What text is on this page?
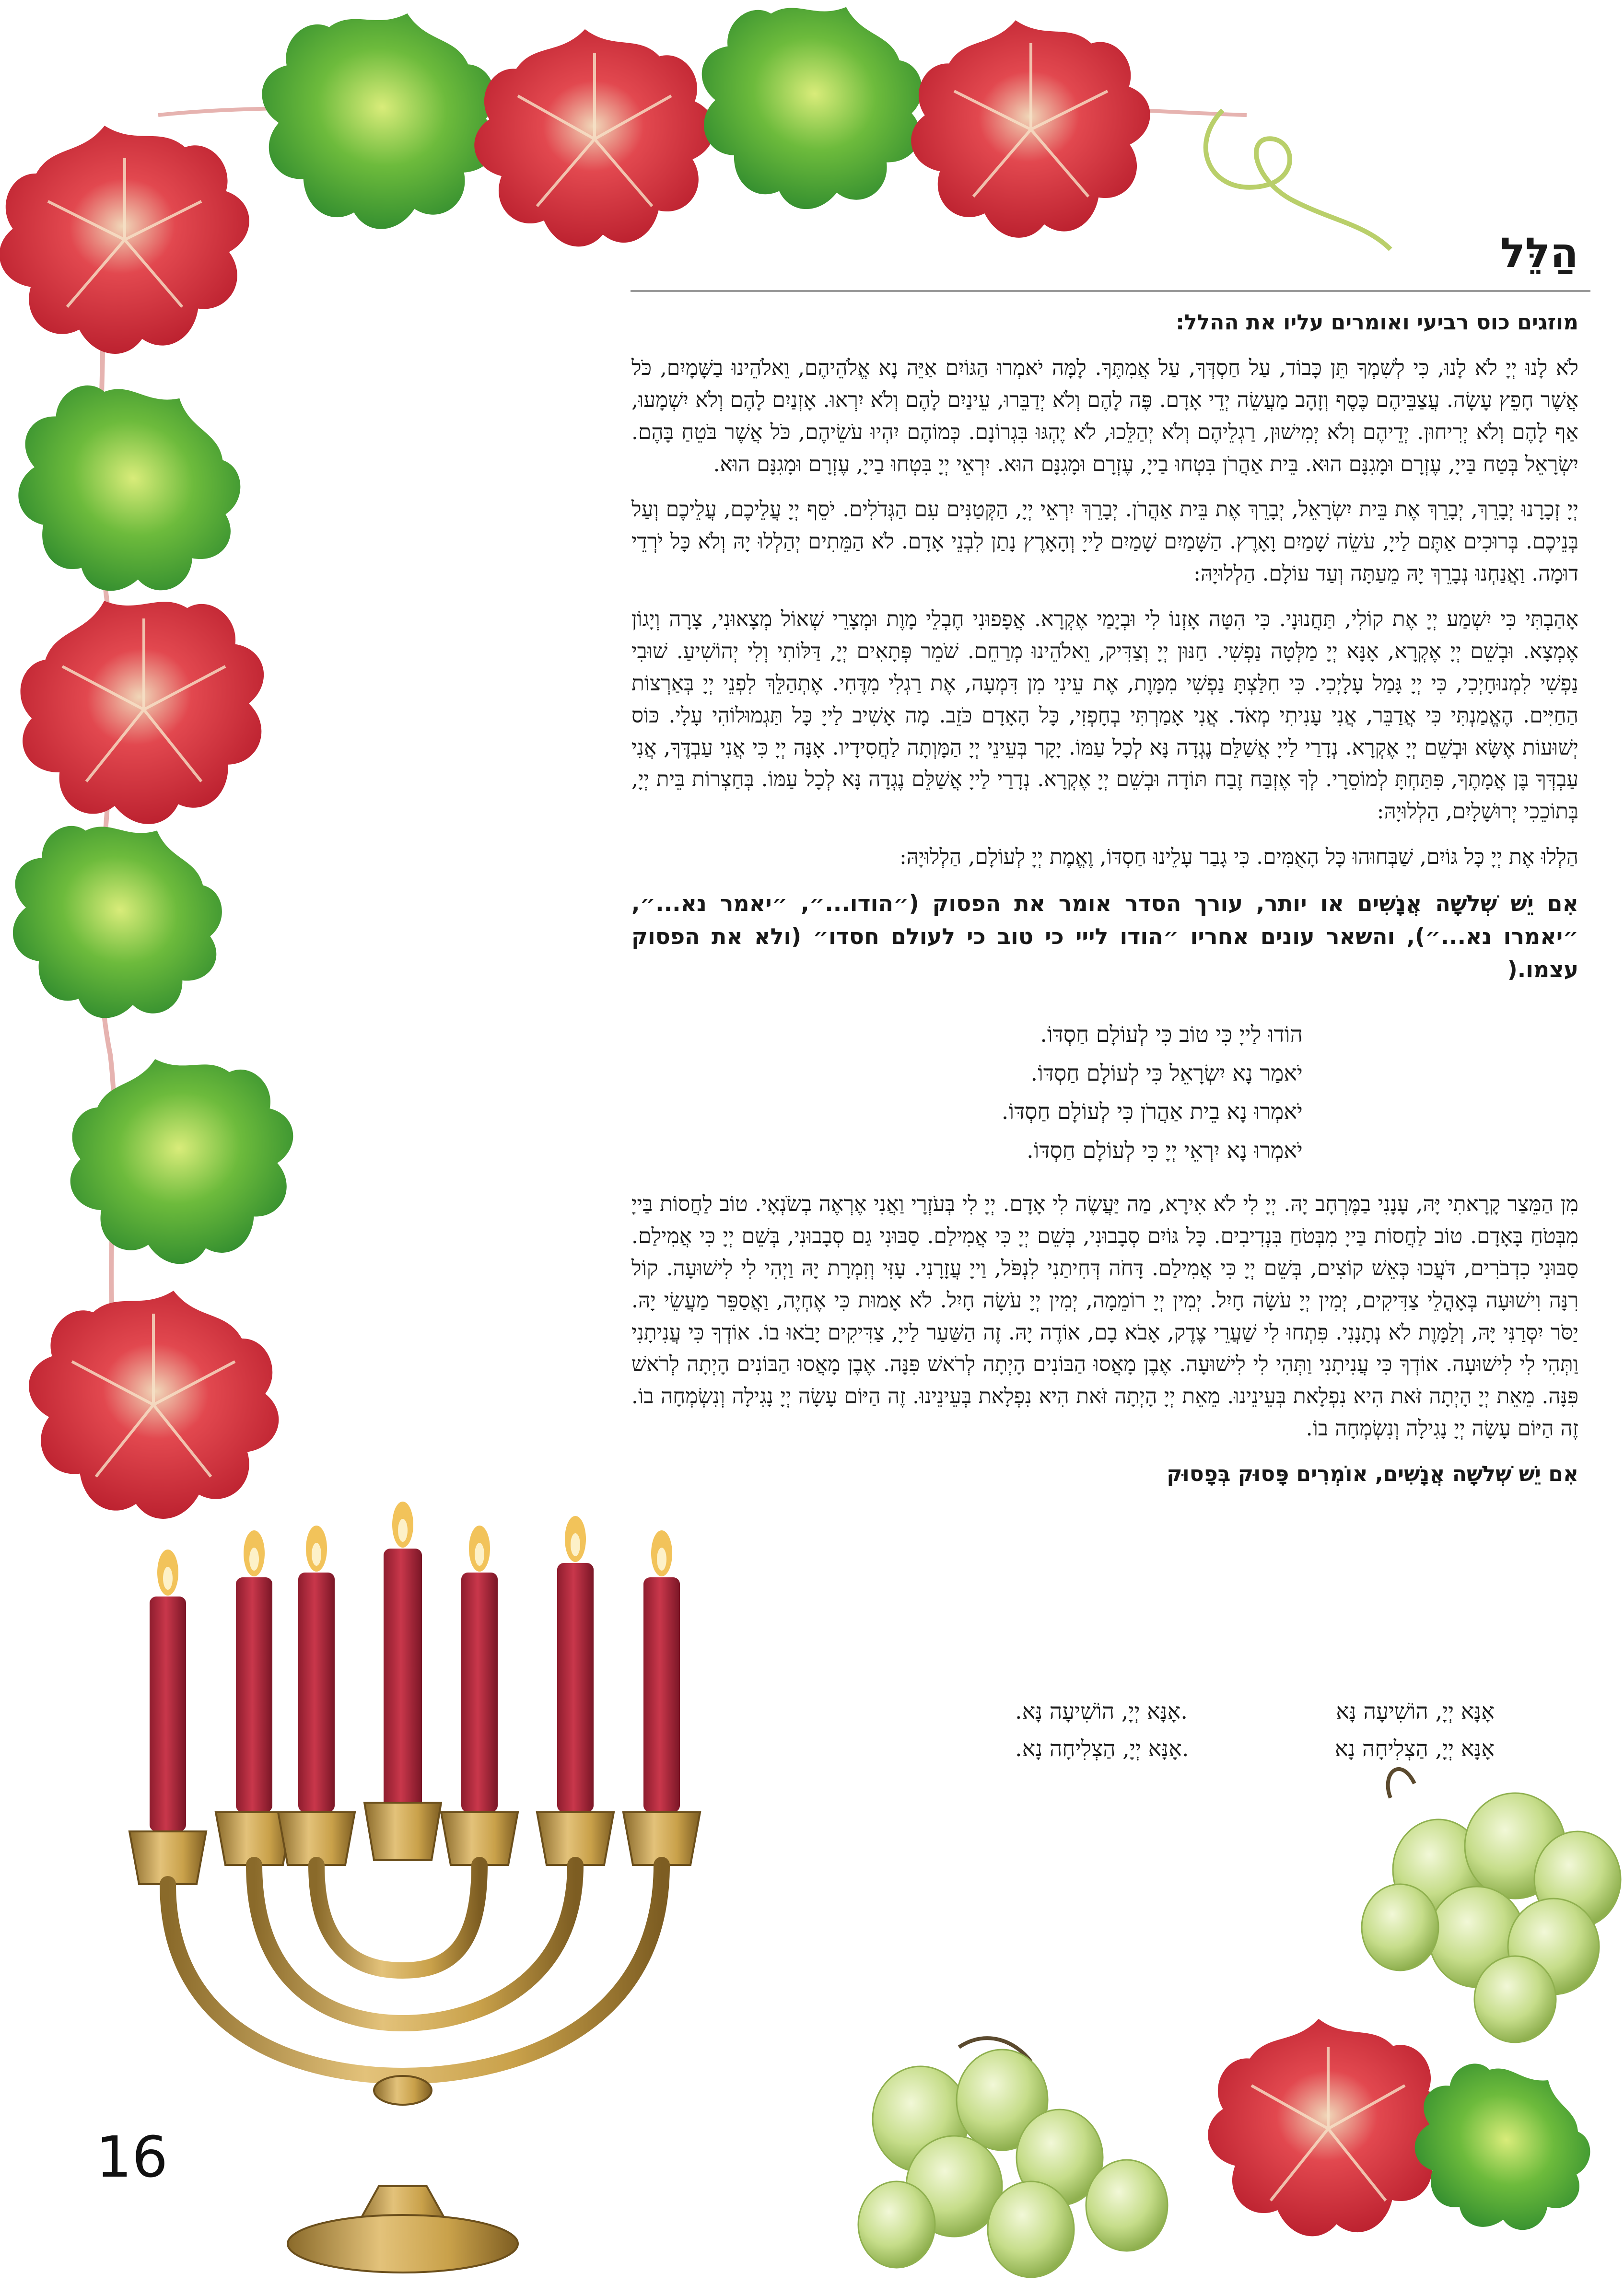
הַלֵּל

מוזגים כוס רביעי ואומרים עליו את ההלל:

לֹא לָנוּ יְיָ לֹא לָנוּ, כִּי לְשִׁמְךָ תֵּן כָּבוֹד, עַל חַסְדְּךָ, עַל אֲמִתֶּךָ. לָמָּה יֹאמְרוּ הַגּוֹיִם אַיֵּה נָא אֱלֹהֵיהֶם, וֵאלֹהֵינוּ בַשָּׁמָיִם, כֹּל אֲשֶׁר חָפֵץ עָשָׂה. עֲצַבֵּיהֶם כֶּסֶף וְזָהָב מַעֲשֵׂה יְדֵי אָדָם. פֶּה לָהֶם וְלֹא יְדַבֵּרוּ, עֵינַיִם לָהֶם וְלֹא יִרְאוּ. אָזְנַיִם לָהֶם וְלֹא יִשְׁמָעוּ, אַף לָהֶם וְלֹא יְרִיחוּן. יְדֵיהֶם וְלֹא יְמִישׁוּן, רַגְלֵיהֶם וְלֹא יְהַלֵּכוּ, לֹא יֶהְגּוּ בִּגְרוֹנָם. כְּמוֹהֶם יִהְיוּ עֹשֵׂיהֶם, כֹּל אֲשֶׁר בֹּטֵחַ בָּהֶם. יִשְׂרָאֵל בְּטַח בַּייָ, עֶזְרָם וּמָגִנָּם הוּא. בֵּית אַהֲרֹן בִּטְחוּ בַייָ, עֶזְרָם וּמָגִנָּם הוּא. יִרְאֵי יְיָ בִּטְחוּ בַייָ, עֶזְרָם וּמָגִנָּם הוּא.

יְיָ זְכָרָנוּ יְבָרֵךְ, יְבָרֵךְ אֶת בֵּית יִשְׂרָאֵל, יְבָרֵךְ אֶת בֵּית אַהֲרֹן. יְבָרֵךְ יִרְאֵי יְיָ, הַקְּטַנִּים עִם הַגְּדֹלִים. יֹסֵף יְיָ עֲלֵיכֶם, עֲלֵיכֶם וְעַל בְּנֵיכֶם. בְּרוּכִים אַתֶּם לַייָ, עֹשֵׂה שָׁמַיִם וָאָרֶץ. הַשָּׁמַיִם שָׁמַיִם לַייָ וְהָאָרֶץ נָתַן לִבְנֵי אָדָם. לֹא הַמֵּתִים יְהַלְלוּ יָהּ וְלֹא כָּל יֹרְדֵי דוּמָה. וַאֲנַחְנוּ נְבָרֵךְ יָהּ מֵעַתָּה וְעַד עוֹלָם. הַלְלוּיָהּ:

אָהַבְתִּי כִּי יִשְׁמַע יְיָ אֶת קוֹלִי, תַּחֲנוּנָי. כִּי הִטָּה אָזְנוֹ לִי וּבְיָמַי אֶקְרָא. אֲפָפוּנִי חֶבְלֵי מָוֶת וּמְצָרֵי שְׁאוֹל מְצָאוּנִי, צָרָה וְיָגוֹן אֶמְצָא. וּבְשֵׁם יְיָ אֶקְרָא, אָנָּא יְיָ מַלְּטָה נַפְשִׁי. חַנּוּן יְיָ וְצַדִּיק, וֵאלֹהֵינוּ מְרַחֵם. שֹׁמֵר פְּתָאִים יְיָ, דַּלּוֹתִי וְלִי יְהוֹשִׁיעַ. שׁוּבִי נַפְשִׁי לִמְנוּחָיְכִי, כִּי יְיָ גָּמַל עָלָיְכִי. כִּי חִלַּצְתָּ נַפְשִׁי מִמָּוֶת, אֶת עֵינִי מִן דִּמְעָה, אֶת רַגְלִי מִדֶּחִי. אֶתְהַלֵּךְ לִפְנֵי יְיָ בְּאַרְצוֹת הַחַיִּים. הֶאֱמַנְתִּי כִּי אֲדַבֵּר, אֲנִי עָנִיתִי מְאֹד. אֲנִי אָמַרְתִּי בְחָפְזִי, כָּל הָאָדָם כֹּזֵב. מָה אָשִׁיב לַייָ כָּל תַּגְמוּלוֹהִי עָלָי. כּוֹס יְשׁוּעוֹת אֶשָּׂא וּבְשֵׁם יְיָ אֶקְרָא. נְדָרַי לַייָ אֲשַׁלֵּם נֶגְדָה נָּא לְכָל עַמּוֹ. יָקָר בְּעֵינֵי יְיָ הַמָּוְתָה לַחֲסִידָיו. אָנָּה יְיָ כִּי אֲנִי עַבְדֶּךָ, אֲנִי עַבְדְּךָ בֶּן אֲמָתֶךָ, פִּתַּחְתָּ לְמוֹסֵרָי. לְךָ אֶזְבַּח זֶבַח תּוֹדָה וּבְשֵׁם יְיָ אֶקְרָא. נְדָרַי לַייָ אֲשַׁלֵּם נֶגְדָה נָּא לְכָל עַמּוֹ. בְּחַצְרוֹת בֵּית יְיָ, בְּתוֹכֵכִי יְרוּשָׁלָיִם, הַלְלוּיָהּ:

הַלְלוּ אֶת יְיָ כָּל גּוֹיִם, שַׁבְּחוּהוּ כָּל הָאֻמִּים. כִּי גָבַר עָלֵינוּ חַסְדּוֹ, וֶאֱמֶת יְיָ לְעוֹלָם, הַלְלוּיָהּ:

אִם יֵשׁ שְׁלֹשָׁה אֲנָשִׁים או יותר, עורך הסדר אומר את הפסוק (״הודו...״, ״יאמר נא...״, ״יאמרו נא...״), והשאר עונים אחריו ״הודו לייי כי טוב כי לעולם חסדו״ (ולא את הפסוק עצמו.(

הוֹדוּ לַייָ כִּי טוֹב כִּי לְעוֹלָם חַסְדּוֹ.
יֹאמַר נָא יִשְׂרָאֵל כִּי לְעוֹלָם חַסְדּוֹ.
יֹאמְרוּ נָא בֵית אַהֲרֹן כִּי לְעוֹלָם חַסְדּוֹ.
יֹאמְרוּ נָא יִרְאֵי יְיָ כִּי לְעוֹלָם חַסְדּוֹ.

מִן הַמֵּצַר קָרָאתִי יָּהּ, עָנָנִי בַמֶּרְחָב יָהּ. יְיָ לִי לֹא אִירָא, מַה יַּעֲשֶׂה לִי אָדָם. יְיָ לִי בְּעֹזְרָי וַאֲנִי אֶרְאֶה בְשֹׂנְאָי. טוֹב לַחֲסוֹת בַּייָ מִבְּטֹחַ בָּאָדָם. טוֹב לַחֲסוֹת בַּייָ מִבְּטֹחַ בִּנְדִיבִים. כָּל גּוֹיִם סְבָבוּנִי, בְּשֵׁם יְיָ כִּי אֲמִילַם. סַבּוּנִי גַם סְבָבוּנִי, בְּשֵׁם יְיָ כִּי אֲמִילַם. סַבּוּנִי כִדְבֹרִים, דֹּעֲכוּ כְּאֵשׁ קוֹצִים, בְּשֵׁם יְיָ כִּי אֲמִילַם. דָּחֹה דְּחִיתַנִי לִנְפֹּל, וַייָ עֲזָרָנִי. עָזִּי וְזִמְרָת יָהּ וַיְהִי לִי לִישׁוּעָה. קוֹל רִנָּה וִישׁוּעָה בְּאָהֳלֵי צַדִּיקִים, יְמִין יְיָ עֹשָׂה חָיִל. יְמִין יְיָ רוֹמֵמָה, יְמִין יְיָ עֹשָׂה חָיִל. לֹא אָמוּת כִּי אֶחְיֶה, וַאֲסַפֵּר מַעֲשֵׂי יָהּ. יַסֹּר יִסְּרַנִּי יָּהּ, וְלַמָּוֶת לֹא נְתָנָנִי. פִּתְחוּ לִי שַׁעֲרֵי צֶדֶק, אָבֹא בָם, אוֹדֶה יָהּ. זֶה הַשַּׁעַר לַייָ, צַדִּיקִים יָבֹאוּ בוֹ. אוֹדְךָ כִּי עֲנִיתָנִי וַתְּהִי לִי לִישׁוּעָה. אוֹדְךָ כִּי עֲנִיתָנִי וַתְּהִי לִי לִישׁוּעָה. אֶבֶן מָאֲסוּ הַבּוֹנִים הָיְתָה לְרֹאשׁ פִּנָּה. אֶבֶן מָאֲסוּ הַבּוֹנִים הָיְתָה לְרֹאשׁ פִּנָּה. מֵאֵת יְיָ הָיְתָה זֹּאת הִיא נִפְלָאת בְּעֵינֵינוּ. מֵאֵת יְיָ הָיְתָה זֹּאת הִיא נִפְלָאת בְּעֵינֵינוּ. זֶה הַיּוֹם עָשָׂה יְיָ נָגִילָה וְנִשְׂמְחָה בוֹ. זֶה הַיּוֹם עָשָׂה יְיָ נָגִילָה וְנִשְׂמְחָה בוֹ.

אִם יֵשׁ שְׁלֹשָׁה אֲנָשִׁים, אוֹמְרִים פָּסוּק בְּפָסוּק

אָנָּא יְיָ, הוֹשִׁיעָה נָּא
.אָנָּא יְיָ, הוֹשִׁיעָה נָּא.
אָנָּא יְיָ, הַצְלִיחָה נָא
.אָנָּא יְיָ, הַצְלִיחָה נָא.
16
